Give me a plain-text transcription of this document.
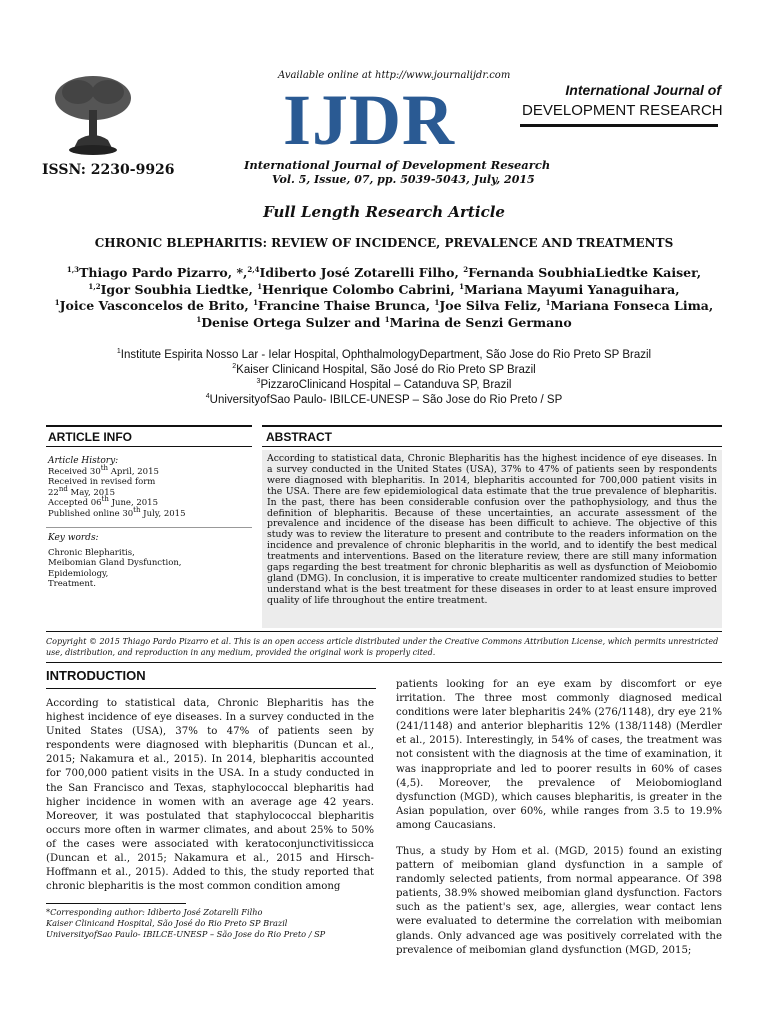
ISSN: 2230-9926
Available online at http://www.journalijdr.com
IJDR	International Journal of
DEVELOPMENT RESEARCH
International Journal of Development Research
Vol. 5, Issue, 07, pp. 5039-5043, July, 2015
Full Length Research Article
CHRONIC BLEPHARITIS: REVIEW OF INCIDENCE, PREVALENCE AND TREATMENTS
$^{1,3}$Thiago Pardo Pizarro, *,$^{2,4}$Idiberto José Zotarelli Filho, $^2$Fernanda SoubhiaLiedtke Kaiser,
$^{1,2}$Igor Soubhia Liedtke, $^1$Henrique Colombo Cabrini, $^1$Mariana Mayumi Yanaguihara,
$^1$Joice Vasconcelos de Brito, $^1$Francine Thaise Brunca, $^1$Joe Silva Feliz, $^1$Mariana Fonseca Lima,
$^1$Denise Ortega Sulzer and $^1$Marina de Senzi Germano
$^1$Institute Espirita Nosso Lar - Ielar Hospital, OphthalmologyDepartment, São Jose do Rio Preto SP Brazil
$^2$Kaiser Clinicand Hospital, São José do Rio Preto SP Brazil
$^3$PizzaroClinicand Hospital – Catanduva SP, Brazil
$^4$UniversityofSao Paulo- IBILCE-UNESP – São Jose do Rio Preto / SP
ARTICLE INFO	ABSTRACT
Article History:
Received 30th April, 2015
Received in revised form
22nd May, 2015
Accepted 06th June, 2015
Published online 30th July, 2015
Key words:
Chronic Blepharitis,
Meibomian Gland Dysfunction,
Epidemiology,
Treatment.
According to statistical data, Chronic Blepharitis has the highest incidence of eye diseases. In a survey conducted in the United States (USA), 37% to 47% of patients seen by respondents were diagnosed with blepharitis. In 2014, blepharitis accounted for 700,000 patient visits in the USA. There are few epidemiological data estimate that the true prevalence of blepharitis. In the past, there has been considerable confusion over the pathophysiology, and thus the definition of blepharitis. Because of these uncertainties, an accurate assessment of the prevalence and incidence of the disease has been difficult to achieve. The objective of this study was to review the literature to present and contribute to the readers information on the incidence and prevalence of chronic blepharitis in the world, and to identify the best medical treatments and interventions. Based on the literature review, there are still many information gaps regarding the best treatment for chronic blepharitis as well as dysfunction of Meiobomio gland (DMG). In conclusion, it is imperative to create multicenter randomized studies to better understand what is the best treatment for these diseases in order to at least ensure improved quality of life throughout the entire treatment.
Copyright © 2015 Thiago Pardo Pizarro et al. This is an open access article distributed under the Creative Commons Attribution License, which permits unrestricted use, distribution, and reproduction in any medium, provided the original work is properly cited.
INTRODUCTION
According to statistical data, Chronic Blepharitis has the highest incidence of eye diseases. In a survey conducted in the United States (USA), 37% to 47% of patients seen by respondents were diagnosed with blepharitis (Duncan et al., 2015; Nakamura et al., 2015). In 2014, blepharitis accounted for 700,000 patient visits in the USA. In a study conducted in the San Francisco and Texas, staphylococcal blepharitis had higher incidence in women with an average age 42 years. Moreover, it was postulated that staphylococcal blepharitis occurs more often in warmer climates, and about 25% to 50% of the cases were associated with keratoconjunctivitissicca (Duncan et al., 2015; Nakamura et al., 2015 and Hirsch-Hoffmann et al., 2015). Added to this, the study reported that chronic blepharitis is the most common condition among
patients looking for an eye exam by discomfort or eye irritation. The three most commonly diagnosed medical conditions were later blepharitis 24% (276/1148), dry eye 21% (241/1148) and anterior blepharitis 12% (138/1148) (Merdler et al., 2015). Interestingly, in 54% of cases, the treatment was not consistent with the diagnosis at the time of examination, it was inappropriate and led to poorer results in 60% of cases (4,5). Moreover, the prevalence of Meiobomiogland dysfunction (MGD), which causes blepharitis, is greater in the Asian population, over 60%, while ranges from 3.5 to 19.9% among Caucasians.
Thus, a study by Hom et al. (MGD, 2015) found an existing pattern of meibomian gland dysfunction in a sample of randomly selected patients, from normal appearance. Of 398 patients, 38.9% showed meibomian gland dysfunction. Factors such as the patient's sex, age, allergies, wear contact lens were evaluated to determine the correlation with meibomian glands. Only advanced age was positively correlated with the prevalence of meibomian gland dysfunction (MGD, 2015;
*Corresponding author: Idiberto José Zotarelli Filho
Kaiser Clinicand Hospital, São José do Rio Preto SP Brazil
UniversityofSao Paulo- IBILCE-UNESP – São Jose do Rio Preto / SP
